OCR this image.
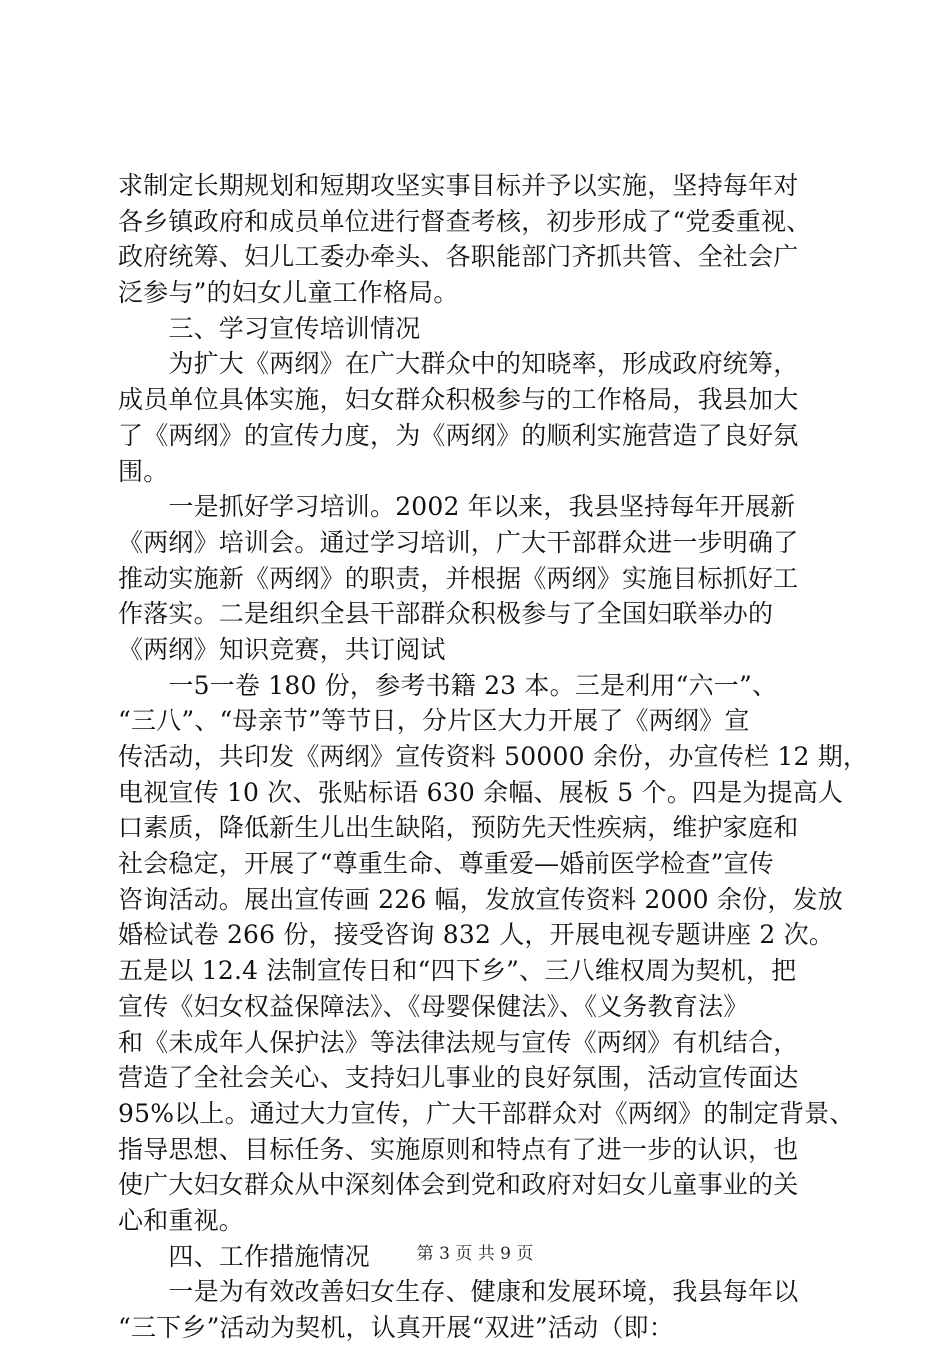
求制定长期规划和短期攻坚实事目标并予以实施，坚持每年对
各乡镇政府和成员单位进行督查考核，初步形成了“党委重视、
政府统筹、妇儿工委办牵头、各职能部门齐抓共管、全社会广
泛参与”的妇女儿童工作格局。
　　三、学习宣传培训情况
　　为扩大《两纲》在广大群众中的知晓率，形成政府统筹，
成员单位具体实施，妇女群众积极参与的工作格局，我县加大
了《两纲》的宣传力度，为《两纲》的顺利实施营造了良好氛
围。
　　一是抓好学习培训。2002 年以来，我县坚持每年开展新
《两纲》培训会。通过学习培训，广大干部群众进一步明确了
推动实施新《两纲》的职责，并根据《两纲》实施目标抓好工
作落实。二是组织全县干部群众积极参与了全国妇联举办的
《两纲》知识竞赛，共订阅试
　　一5一卷 180 份，参考书籍 23 本。三是利用“六一”、
“三八”、“母亲节”等节日，分片区大力开展了《两纲》宣
传活动，共印发《两纲》宣传资料 50000 余份，办宣传栏 12 期，
电视宣传 10 次、张贴标语 630 余幅、展板 5 个。四是为提高人
口素质，降低新生儿出生缺陷，预防先天性疾病，维护家庭和
社会稳定，开展了“尊重生命、尊重爱—婚前医学检查”宣传
咨询活动。展出宣传画 226 幅，发放宣传资料 2000 余份，发放
婚检试卷 266 份，接受咨询 832 人，开展电视专题讲座 2 次。
五是以 12.4 法制宣传日和“四下乡”、三八维权周为契机，把
宣传《妇女权益保障法》、《母婴保健法》、《义务教育法》
和《未成年人保护法》等法律法规与宣传《两纲》有机结合，
营造了全社会关心、支持妇儿事业的良好氛围，活动宣传面达
95%以上。通过大力宣传，广大干部群众对《两纲》的制定背景、
指导思想、目标任务、实施原则和特点有了进一步的认识，也
使广大妇女群众从中深刻体会到党和政府对妇女儿童事业的关
心和重视。
　　四、工作措施情况
　　一是为有效改善妇女生存、健康和发展环境，我县每年以
“三下乡”活动为契机，认真开展“双进”活动（即：
第 3 页 共 9 页
